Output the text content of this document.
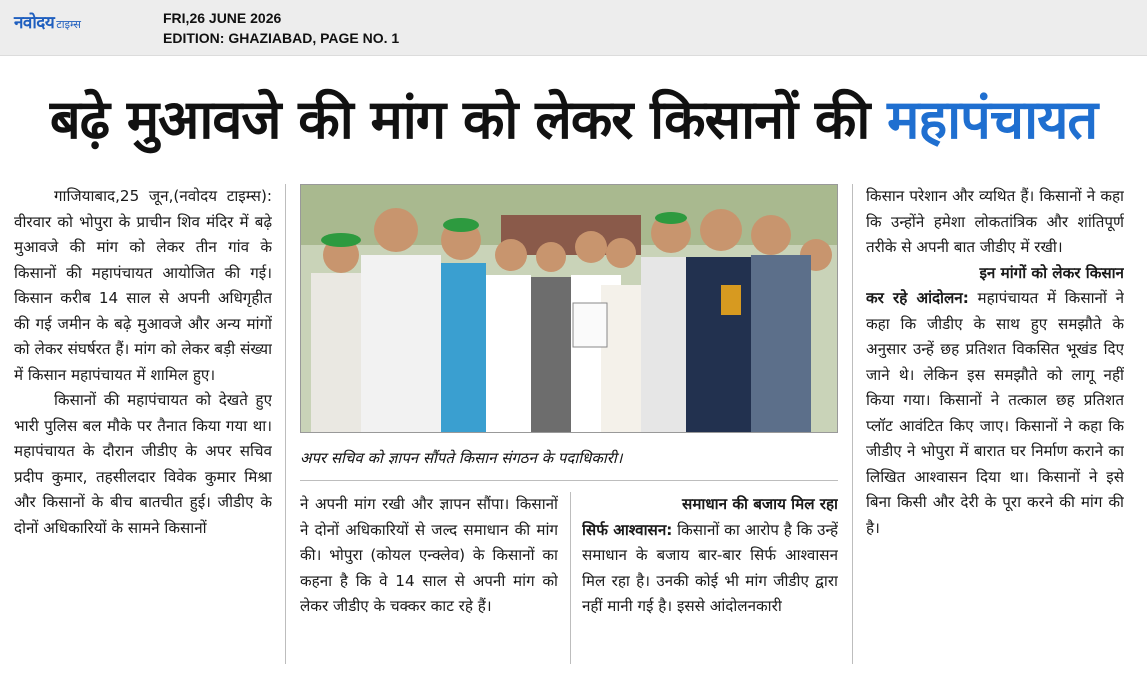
नवोदय टाइम्स	FRI,26 JUNE 2026
EDITION: GHAZIABAD, PAGE NO. 1
बढ़े मुआवजे की मांग को लेकर किसानों की महापंचायत

गाजियाबाद,25 जून,(नवोदय टाइम्स): वीरवार को भोपुरा के प्राचीन शिव मंदिर में बढ़े मुआवजे की मांग को लेकर तीन गांव के किसानों की महापंचायत आयोजित की गई। किसान करीब 14 साल से अपनी अधिगृहीत की गई जमीन के बढ़े मुआवजे और अन्य मांगों को लेकर संघर्षरत हैं। मांग को लेकर बड़ी संख्या में किसान महापंचायत में शामिल हुए।

किसानों की महापंचायत को देखते हुए भारी पुलिस बल मौके पर तैनात किया गया था। महापंचायत के दौरान जीडीए के अपर सचिव प्रदीप कुमार, तहसीलदार विवेक कुमार मिश्रा और किसानों के बीच बातचीत हुई। जीडीए के दोनों अधिकारियों के सामने किसानों

अपर सचिव को ज्ञापन सौंपते किसान संगठन के पदाधिकारी।

ने अपनी मांग रखी और ज्ञापन सौंपा। किसानों ने दोनों अधिकारियों से जल्द समाधान की मांग की। भोपुरा (कोयल एन्क्लेव) के किसानों का कहना है कि वे 14 साल से अपनी मांग को लेकर जीडीए के चक्कर काट रहे हैं।

समाधान की बजाय मिल रहा

सिर्फ आश्वासन: किसानों का आरोप है कि उन्हें समाधान के बजाय बार-बार सिर्फ आश्वासन मिल रहा है। उनकी कोई भी मांग जीडीए द्वारा नहीं मानी गई है। इससे आंदोलनकारी

किसान परेशान और व्यथित हैं। किसानों ने कहा कि उन्होंने हमेशा लोकतांत्रिक और शांतिपूर्ण तरीके से अपनी बात जीडीए में रखी।

इन मांगों को लेकर किसान

कर रहे आंदोलन: महापंचायत में किसानों ने कहा कि जीडीए के साथ हुए समझौते के अनुसार उन्हें छह प्रतिशत विकसित भूखंड दिए जाने थे। लेकिन इस समझौते को लागू नहीं किया गया। किसानों ने तत्काल छह प्रतिशत प्लॉट आवंटित किए जाए। किसानों ने कहा कि जीडीए ने भोपुरा में बारात घर निर्माण कराने का लिखित आश्वासन दिया था। किसानों ने इसे बिना किसी और देरी के पूरा करने की मांग की है।
